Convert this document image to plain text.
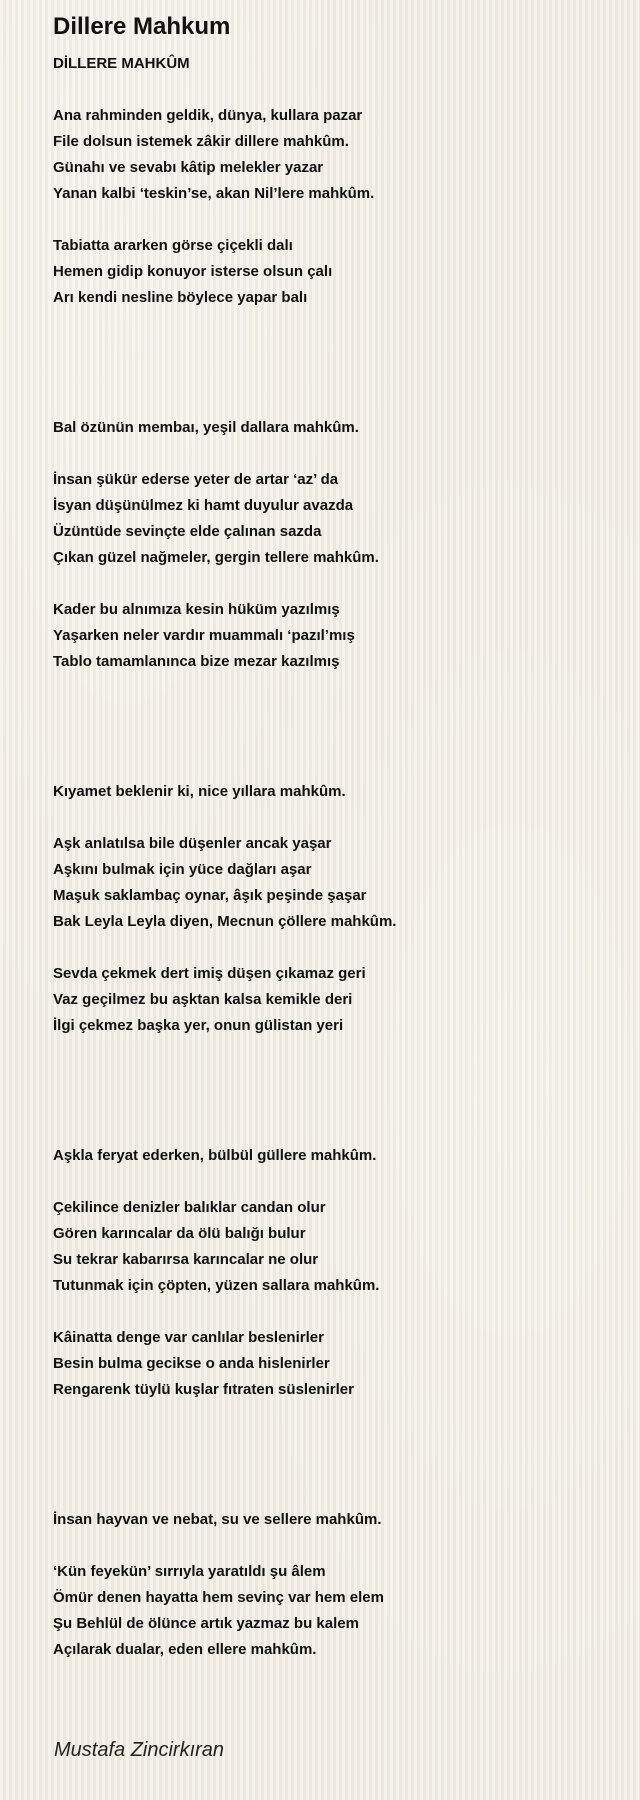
Dillere Mahkum
DİLLERE MAHKÛM
Ana rahminden geldik, dünya, kullara pazar
File dolsun istemek zâkir dillere mahkûm.
Günahı ve sevabı kâtip melekler yazar
Yanan kalbi ‘teskin’se, akan Nil’lere mahkûm.
Tabiatta ararken görse çiçekli dalı
Hemen gidip konuyor isterse olsun çalı
Arı kendi nesline böylece yapar balı
Bal özünün membaı, yeşil dallara mahkûm.
İnsan şükür ederse yeter de artar ‘az’ da
İsyan düşünülmez ki hamt duyulur avazda
Üzüntüde sevinçte elde çalınan sazda
Çıkan güzel nağmeler, gergin tellere mahkûm.
Kader bu alnımıza kesin hüküm yazılmış
Yaşarken neler vardır muammalı ‘pazıl’mış
Tablo tamamlanınca bize mezar kazılmış
Kıyamet beklenir ki, nice yıllara mahkûm.
Aşk anlatılsa bile düşenler ancak yaşar
Aşkını bulmak için yüce dağları aşar
Maşuk saklambaç oynar, âşık peşinde şaşar
Bak Leyla Leyla diyen, Mecnun çöllere mahkûm.
Sevda çekmek dert imiş düşen çıkamaz geri
Vaz geçilmez bu aşktan kalsa kemikle deri
İlgi çekmez başka yer, onun gülistan yeri
Aşkla feryat ederken, bülbül güllere mahkûm.
Çekilince denizler balıklar candan olur
Gören karıncalar da ölü balığı bulur
Su tekrar kabarırsa karıncalar ne olur
Tutunmak için çöpten, yüzen sallara mahkûm.
Kâinatta denge var canlılar beslenirler
Besin bulma gecikse o anda hislenirler
Rengarenk tüylü kuşlar fıtraten süslenirler
İnsan hayvan ve nebat, su ve sellere mahkûm.
‘Kün feyekün’ sırrıyla yaratıldı şu âlem
Ömür denen hayatta hem sevinç var hem elem
Şu Behlül de ölünce artık yazmaz bu kalem
Açılarak dualar, eden ellere mahkûm.
Mustafa Zincirkıran
